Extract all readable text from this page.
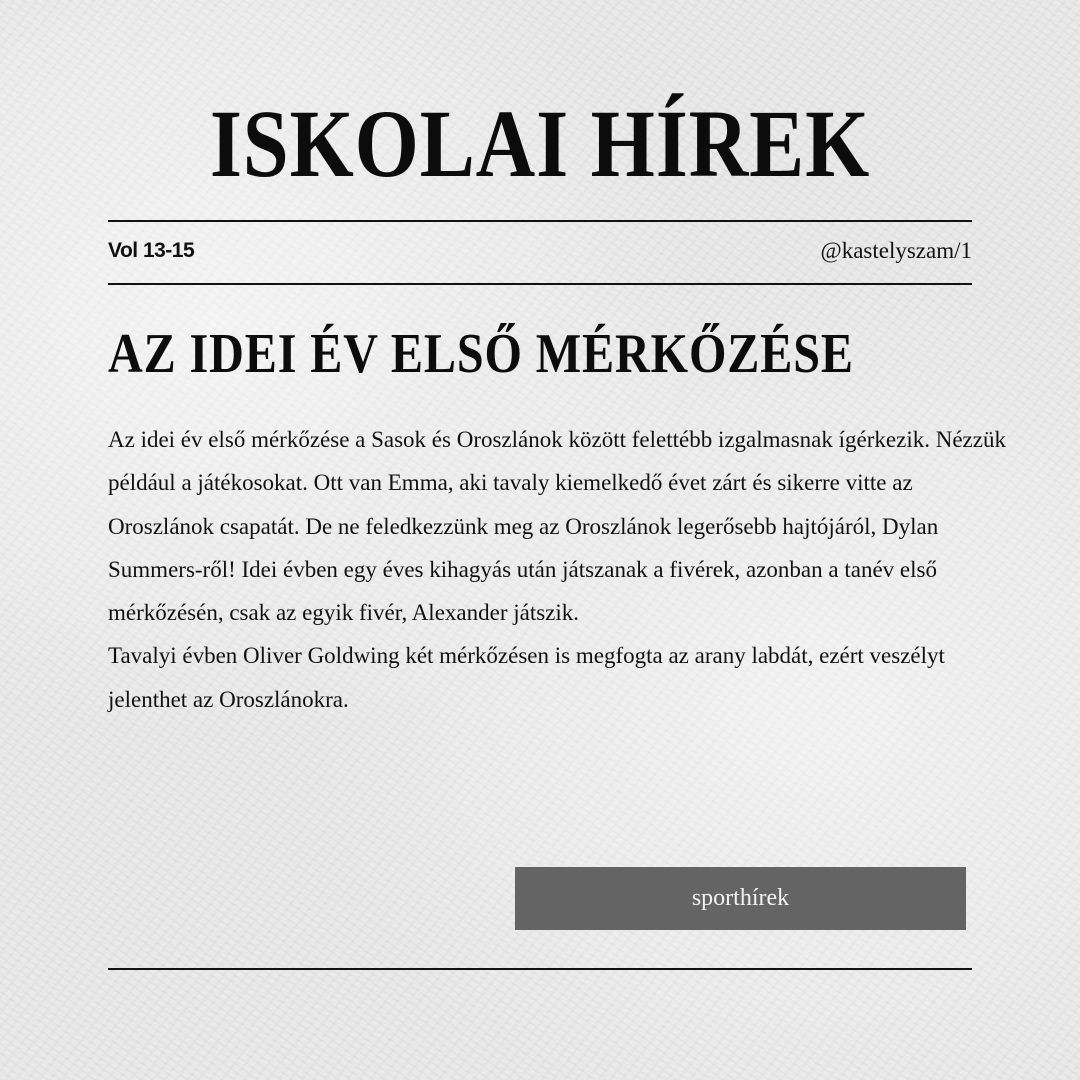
ISKOLAI HÍREK
Vol 13-15	@kastelyszam/1
AZ IDEI ÉV ELSŐ MÉRKŐZÉSE

Az idei év első mérkőzése a Sasok és Oroszlánok között felettébb izgalmasnak ígérkezik. Nézzük például a játékosokat. Ott van Emma, aki tavaly kiemelkedő évet zárt és sikerre vitte az Oroszlánok csapatát. De ne feledkezzünk meg az Oroszlánok legerősebb hajtójáról, Dylan Summers-ről! Idei évben egy éves kihagyás után játszanak a fivérek, azonban a tanév első mérkőzésén, csak az egyik fivér, Alexander játszik.

Tavalyi évben Oliver Goldwing két mérkőzésen is megfogta az arany labdát, ezért veszélyt jelenthet az Oroszlánokra.

sporthírek
